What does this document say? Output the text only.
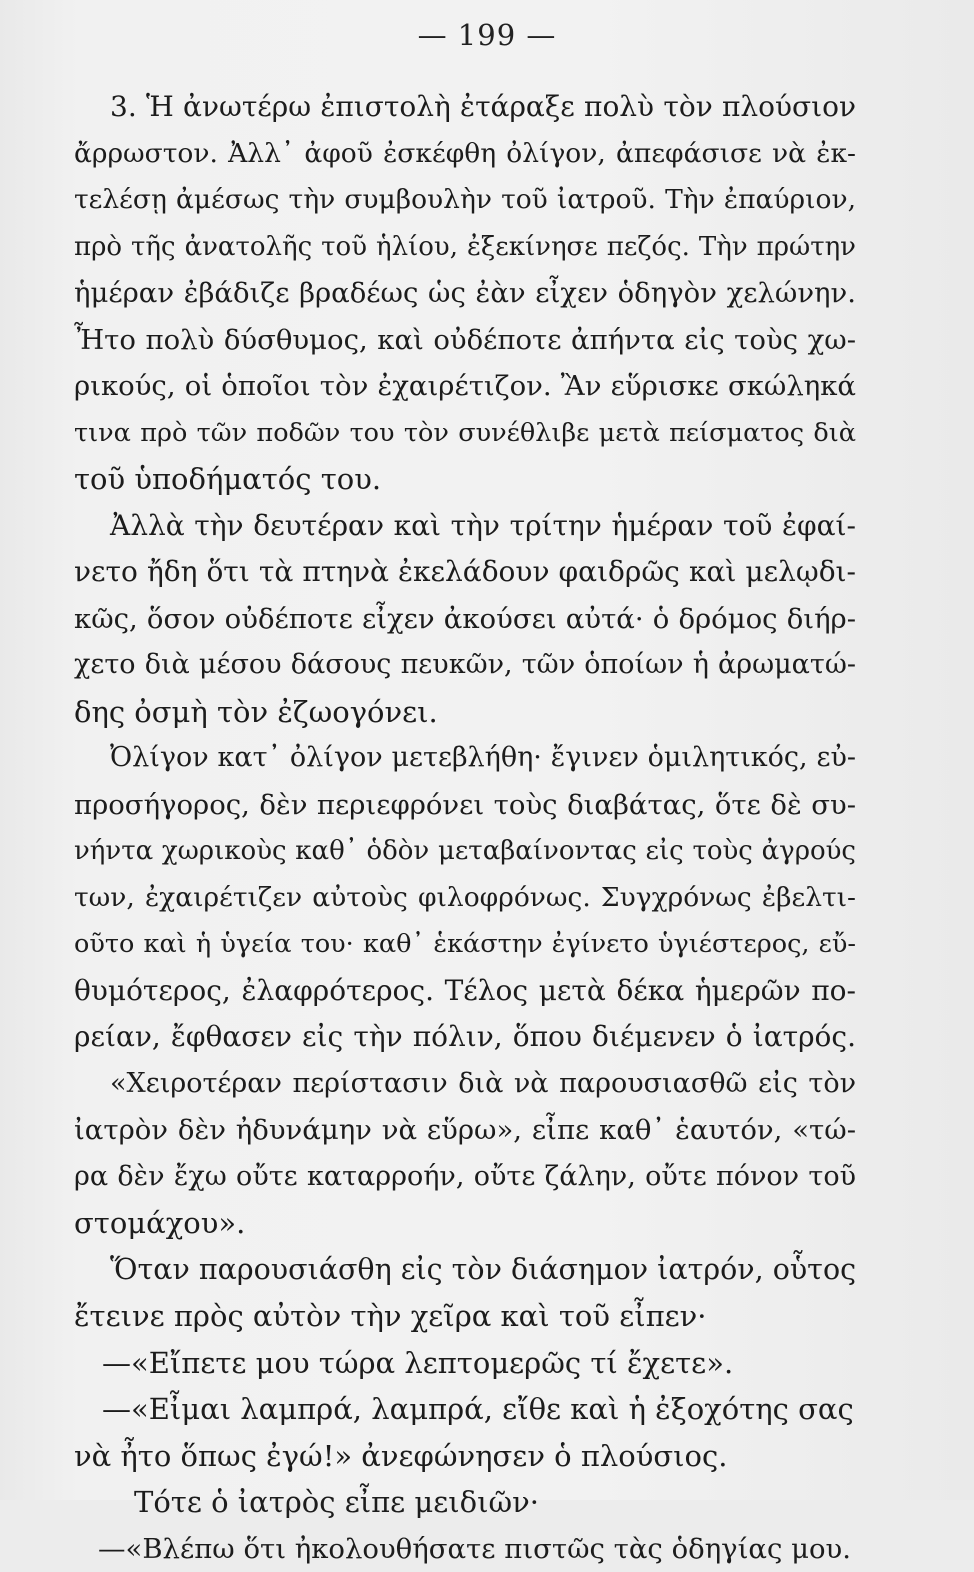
— 199 —
3. Ἡ ἀνωτέρω ἐπιστολὴ ἐτάραξε πολὺ τὸν πλούσιον
ἄρρωστον. Ἀλλ᾽ ἀφοῦ ἐσκέφθη ὀλίγον, ἀπεφάσισε νὰ ἐκ-
τελέσῃ ἀμέσως τὴν συμβουλὴν τοῦ ἰατροῦ. Τὴν ἐπαύριον,
πρὸ τῆς ἀνατολῆς τοῦ ἡλίου, ἐξεκίνησε πεζός. Τὴν πρώτην
ἡμέραν ἐβάδιζε βραδέως ὡς ἐὰν εἶχεν ὁδηγὸν χελώνην.
Ἦτο πολὺ δύσθυμος, καὶ οὐδέποτε ἀπήντα εἰς τοὺς χω-
ρικούς, οἱ ὁποῖοι τὸν ἐχαιρέτιζον. Ἂν εὕρισκε σκώληκά
τινα πρὸ τῶν ποδῶν του τὸν συνέθλιβε μετὰ πείσματος διὰ
τοῦ ὑποδήματός του.
Ἀλλὰ τὴν δευτέραν καὶ τὴν τρίτην ἡμέραν τοῦ ἐφαί-
νετο ἤδη ὅτι τὰ πτηνὰ ἐκελάδουν φαιδρῶς καὶ μελῳδι-
κῶς, ὅσον οὐδέποτε εἶχεν ἀκούσει αὐτά· ὁ δρόμος διήρ-
χετο διὰ μέσου δάσους πευκῶν, τῶν ὁποίων ἡ ἀρωματώ-
δης ὀσμὴ τὸν ἐζωογόνει.
Ὀλίγον κατ᾽ ὀλίγον μετεβλήθη· ἔγινεν ὁμιλητικός, εὐ-
προσήγορος, δὲν περιεφρόνει τοὺς διαβάτας, ὅτε δὲ συ-
νήντα χωρικοὺς καθ᾽ ὁδὸν μεταβαίνοντας εἰς τοὺς ἀγρούς
των, ἐχαιρέτιζεν αὐτοὺς φιλοφρόνως. Συγχρόνως ἐβελτι-
οῦτο καὶ ἡ ὑγεία του· καθ᾽ ἑκάστην ἐγίνετο ὑγιέστερος, εὔ-
θυμότερος, ἐλαφρότερος. Τέλος μετὰ δέκα ἡμερῶν πο-
ρείαν, ἔφθασεν εἰς τὴν πόλιν, ὅπου διέμενεν ὁ ἰατρός.
«Χειροτέραν περίστασιν διὰ νὰ παρουσιασθῶ εἰς τὸν
ἰατρὸν δὲν ἠδυνάμην νὰ εὕρω», εἶπε καθ᾽ ἑαυτόν, «τώ-
ρα δὲν ἔχω οὔτε καταρροήν, οὔτε ζάλην, οὔτε πόνον τοῦ
στομάχου».
Ὅταν παρουσιάσθη εἰς τὸν διάσημον ἰατρόν, οὗτος
ἔτεινε πρὸς αὐτὸν τὴν χεῖρα καὶ τοῦ εἶπεν·
—«Εἴπετε μου τώρα λεπτομερῶς τί ἔχετε».
—«Εἶμαι λαμπρά, λαμπρά, εἴθε καὶ ἡ ἐξοχότης σας
νὰ ἦτο ὅπως ἐγώ!» ἀνεφώνησεν ὁ πλούσιος.
Τότε ὁ ἰατρὸς εἶπε μειδιῶν·
—«Βλέπω ὅτι ἠκολουθήσατε πιστῶς τὰς ὁδηγίας μου.
